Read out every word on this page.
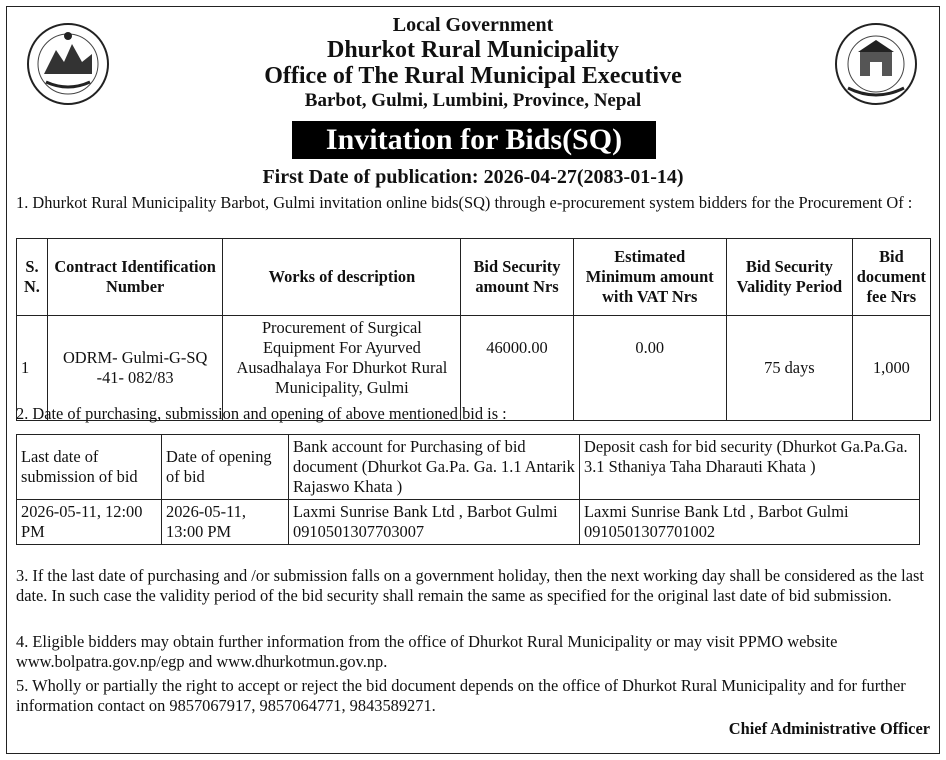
Local Government
Dhurkot Rural Municipality
Office of The Rural Municipal Executive
Barbot, Gulmi, Lumbini, Province, Nepal
Invitation for Bids(SQ)
First Date of publication: 2026-04-27(2083-01-14)
1. Dhurkot Rural Municipality Barbot, Gulmi invitation online bids(SQ) through e-procurement system bidders for the Procurement Of :
S. N.	Contract Identification Number	Works of description	Bid Security amount Nrs	Estimated Minimum amount with VAT Nrs	Bid Security Validity Period	Bid document fee Nrs
1	ODRM- Gulmi-G-SQ -41- 082/83	Procurement of Surgical Equipment For Ayurved Ausadhalaya For Dhurkot Rural Municipality, Gulmi	46000.00	0.00	75 days	1,000
2. Date of purchasing, submission and opening of above mentioned bid is :
Last date of submission of bid	Date of opening of bid	Bank account for Purchasing of bid document (Dhurkot Ga.Pa. Ga. 1.1 Antarik Rajaswo Khata )	Deposit cash for bid security (Dhurkot Ga.Pa.Ga. 3.1 Sthaniya Taha Dharauti Khata )
2026-05-11, 12:00 PM	2026-05-11, 13:00 PM	Laxmi Sunrise Bank Ltd , Barbot Gulmi 0910501307703007	Laxmi Sunrise Bank Ltd , Barbot Gulmi 0910501307701002
3. If the last date of purchasing and /or submission falls on a government holiday, then the next working day shall be considered as the last date. In such case the validity period of the bid security shall remain the same as specified for the original last date of bid submission.
4. Eligible bidders may obtain further information from the office of Dhurkot Rural Municipality or may visit PPMO website www.bolpatra.gov.np/egp and www.dhurkotmun.gov.np.
5. Wholly or partially the right to accept or reject the bid document depends on the office of Dhurkot Rural Municipality and for further information contact on 9857067917, 9857064771, 9843589271.
Chief Administrative Officer
